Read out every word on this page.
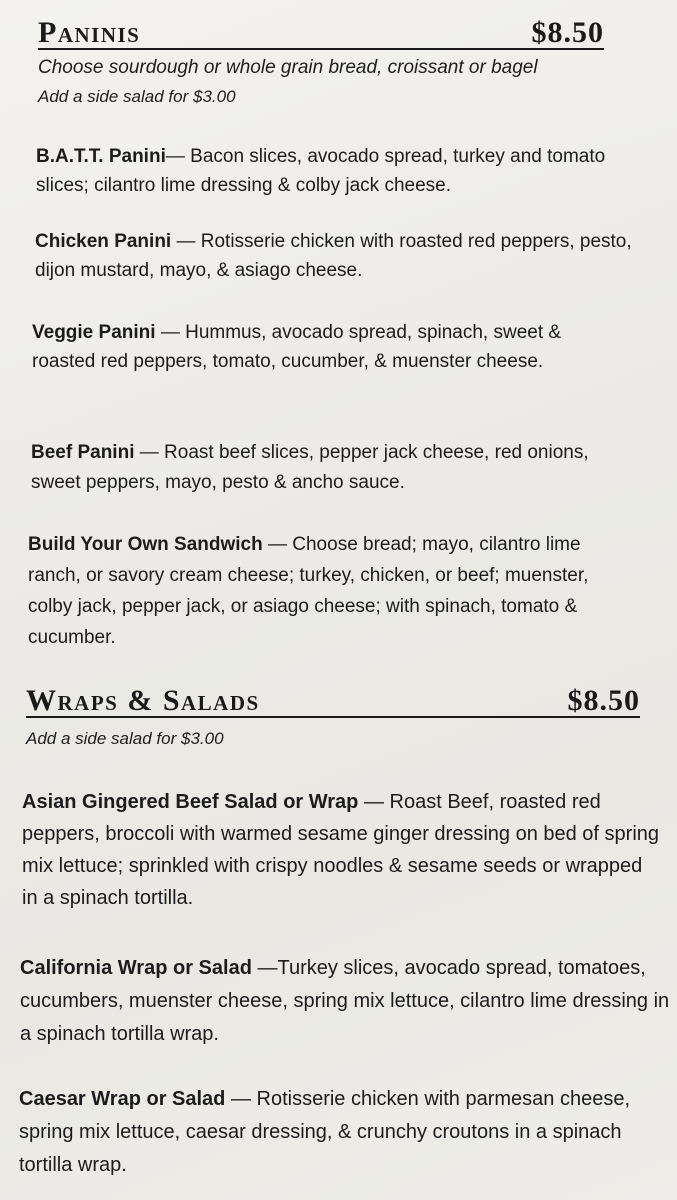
Paninis	$8.50
Choose sourdough or whole grain bread, croissant or bagel
Add a side salad for $3.00
B.A.T.T. Panini— Bacon slices, avocado spread, turkey and tomato slices; cilantro lime dressing & colby jack cheese.
Chicken Panini — Rotisserie chicken with roasted red peppers, pesto, dijon mustard, mayo, & asiago cheese.
Veggie Panini — Hummus, avocado spread, spinach, sweet & roasted red peppers, tomato, cucumber, & muenster cheese.
Beef Panini — Roast beef slices, pepper jack cheese, red onions, sweet peppers, mayo, pesto & ancho sauce.
Build Your Own Sandwich — Choose bread; mayo, cilantro lime ranch, or savory cream cheese; turkey, chicken, or beef; muenster, colby jack, pepper jack, or asiago cheese; with spinach, tomato & cucumber.
Wraps & Salads	$8.50
Add a side salad for $3.00
Asian Gingered Beef Salad or Wrap — Roast Beef, roasted red peppers, broccoli with warmed sesame ginger dressing on bed of spring mix lettuce; sprinkled with crispy noodles & sesame seeds or wrapped in a spinach tortilla.
California Wrap or Salad —Turkey slices, avocado spread, tomatoes, cucumbers, muenster cheese, spring mix lettuce, cilantro lime dressing in a spinach tortilla wrap.
Caesar Wrap or Salad — Rotisserie chicken with parmesan cheese, spring mix lettuce, caesar dressing, & crunchy croutons in a spinach tortilla wrap.
